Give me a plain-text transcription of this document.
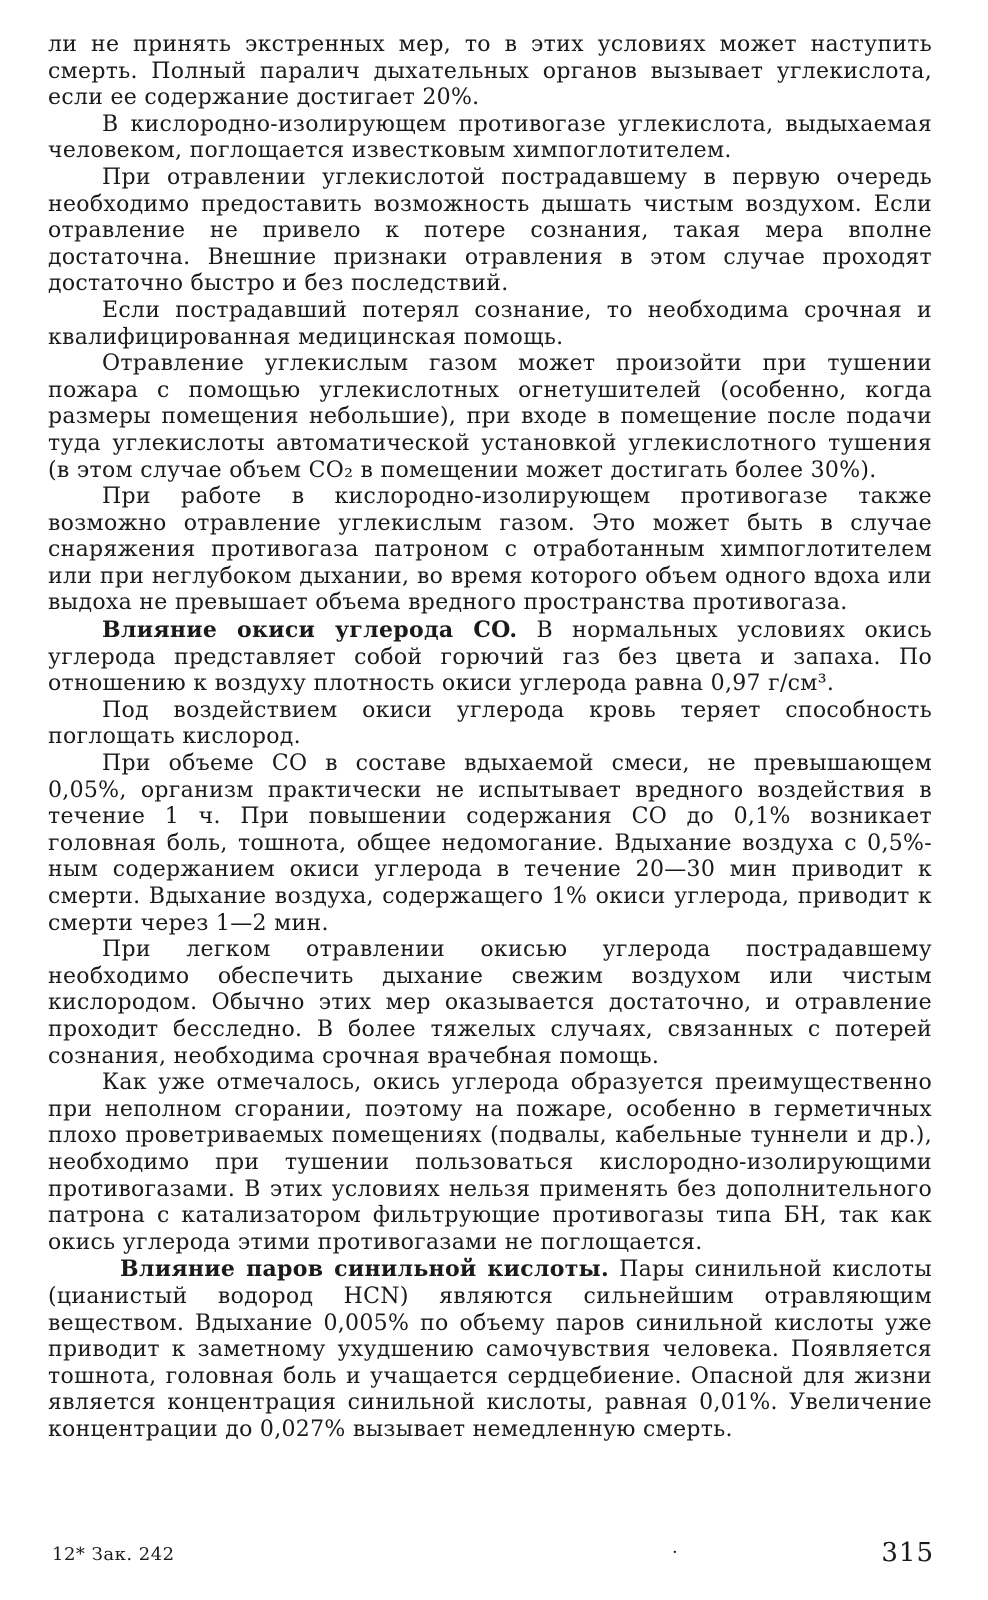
ли не принять экстренных мер, то в этих условиях может наступить смерть. Полный паралич дыхательных органов вызывает углекислота, если ее содержание достигает 20%.

В кислородно-изолирующем противогазе углекислота, выдыхаемая человеком, поглощается известковым химпоглотителем.

При отравлении углекислотой пострадавшему в первую очередь необходимо предоставить возможность дышать чистым воздухом. Если отравление не привело к потере сознания, такая мера вполне достаточна. Внешние признаки отравления в этом случае проходят достаточно быстро и без последствий.

Если пострадавший потерял сознание, то необходима срочная и квалифицированная медицинская помощь.

Отравление углекислым газом может произойти при тушении пожара с помощью углекислотных огнетушителей (особенно, когда размеры помещения небольшие), при входе в помещение после подачи туда углекислоты автоматической установкой углекислотного тушения (в этом случае объем CO₂ в помещении может достигать более 30%).

При работе в кислородно-изолирующем противогазе также возможно отравление углекислым газом. Это может быть в случае снаряжения противогаза патроном с отработанным химпоглотителем или при неглубоком дыхании, во время которого объем одного вдоха или выдоха не превышает объема вредного пространства противогаза.

Влияние окиси углерода CO. В нормальных условиях окись углерода представляет собой горючий газ без цвета и запаха. По отношению к воздуху плотность окиси углерода равна 0,97 г/см³.

Под воздействием окиси углерода кровь теряет способность поглощать кислород.

При объеме CO в составе вдыхаемой смеси, не превышающем 0,05%, организм практически не испытывает вредного воздействия в течение 1 ч. При повышении содержания CO до 0,1% возникает головная боль, тошнота, общее недомогание. Вдыхание воздуха с 0,5%-ным содержанием окиси углерода в течение 20—30 мин приводит к смерти. Вдыхание воздуха, содержащего 1% окиси углерода, приводит к смерти через 1—2 мин.

При легком отравлении окисью углерода пострадавшему необходимо обеспечить дыхание свежим воздухом или чистым кислородом. Обычно этих мер оказывается достаточно, и отравление проходит бесследно. В более тяжелых случаях, связанных с потерей сознания, необходима срочная врачебная помощь.

Как уже отмечалось, окись углерода образуется преимущественно при неполном сгорании, поэтому на пожаре, особенно в герметичных плохо проветриваемых помещениях (подвалы, кабельные туннели и др.), необходимо при тушении пользоваться кислородно-изолирующими противогазами. В этих условиях нельзя применять без дополнительного патрона с катализатором фильтрующие противогазы типа БН, так как окись углерода этими противогазами не поглощается.

Влияние паров синильной кислоты. Пары синильной кислоты (цианистый водород HCN) являются сильнейшим отравляющим веществом. Вдыхание 0,005% по объему паров синильной кислоты уже приводит к заметному ухудшению самочувствия человека. Появляется тошнота, головная боль и учащается сердцебиение. Опасной для жизни является концентрация синильной кислоты, равная 0,01%. Увеличение концентрации до 0,027% вызывает немедленную смерть.

12* Зак. 242	·	315
